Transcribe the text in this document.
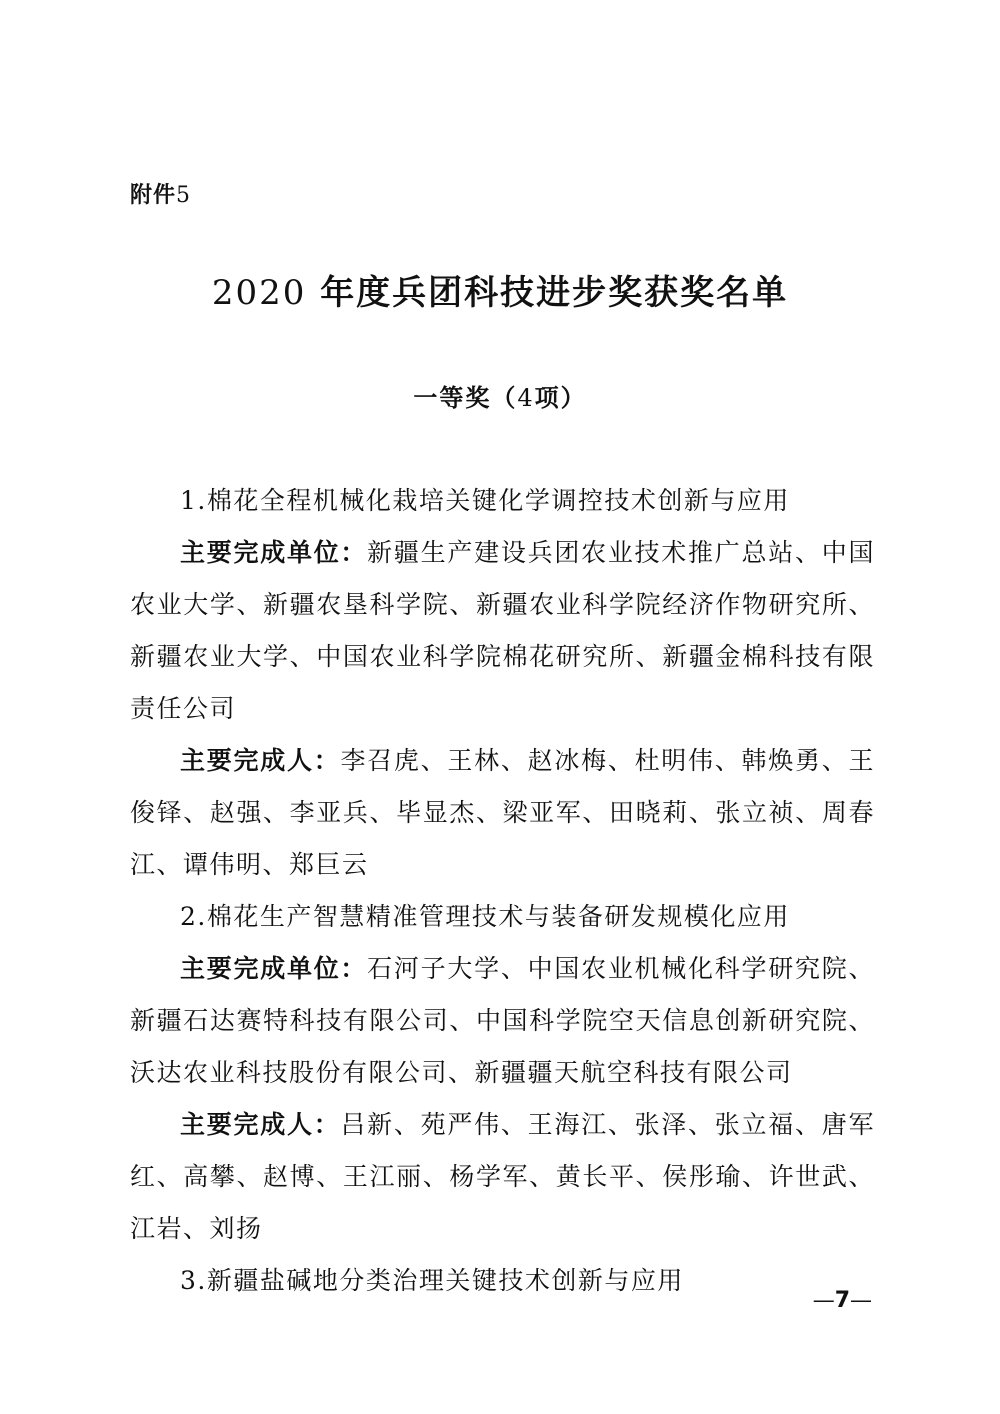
附件5
2020 年度兵团科技进步奖获奖名单
一等奖（4项）

1.棉花全程机械化栽培关键化学调控技术创新与应用

主要完成单位：新疆生产建设兵团农业技术推广总站、中国农业大学、新疆农垦科学院、新疆农业科学院经济作物研究所、新疆农业大学、中国农业科学院棉花研究所、新疆金棉科技有限责任公司

主要完成人：李召虎、王林、赵冰梅、杜明伟、韩焕勇、王俊铎、赵强、李亚兵、毕显杰、梁亚军、田晓莉、张立祯、周春江、谭伟明、郑巨云

2.棉花生产智慧精准管理技术与装备研发规模化应用

主要完成单位：石河子大学、中国农业机械化科学研究院、新疆石达赛特科技有限公司、中国科学院空天信息创新研究院、沃达农业科技股份有限公司、新疆疆天航空科技有限公司

主要完成人：吕新、苑严伟、王海江、张泽、张立福、唐军红、高攀、赵博、王江丽、杨学军、黄长平、侯彤瑜、许世武、江岩、刘扬

3.新疆盐碱地分类治理关键技术创新与应用

—7—
